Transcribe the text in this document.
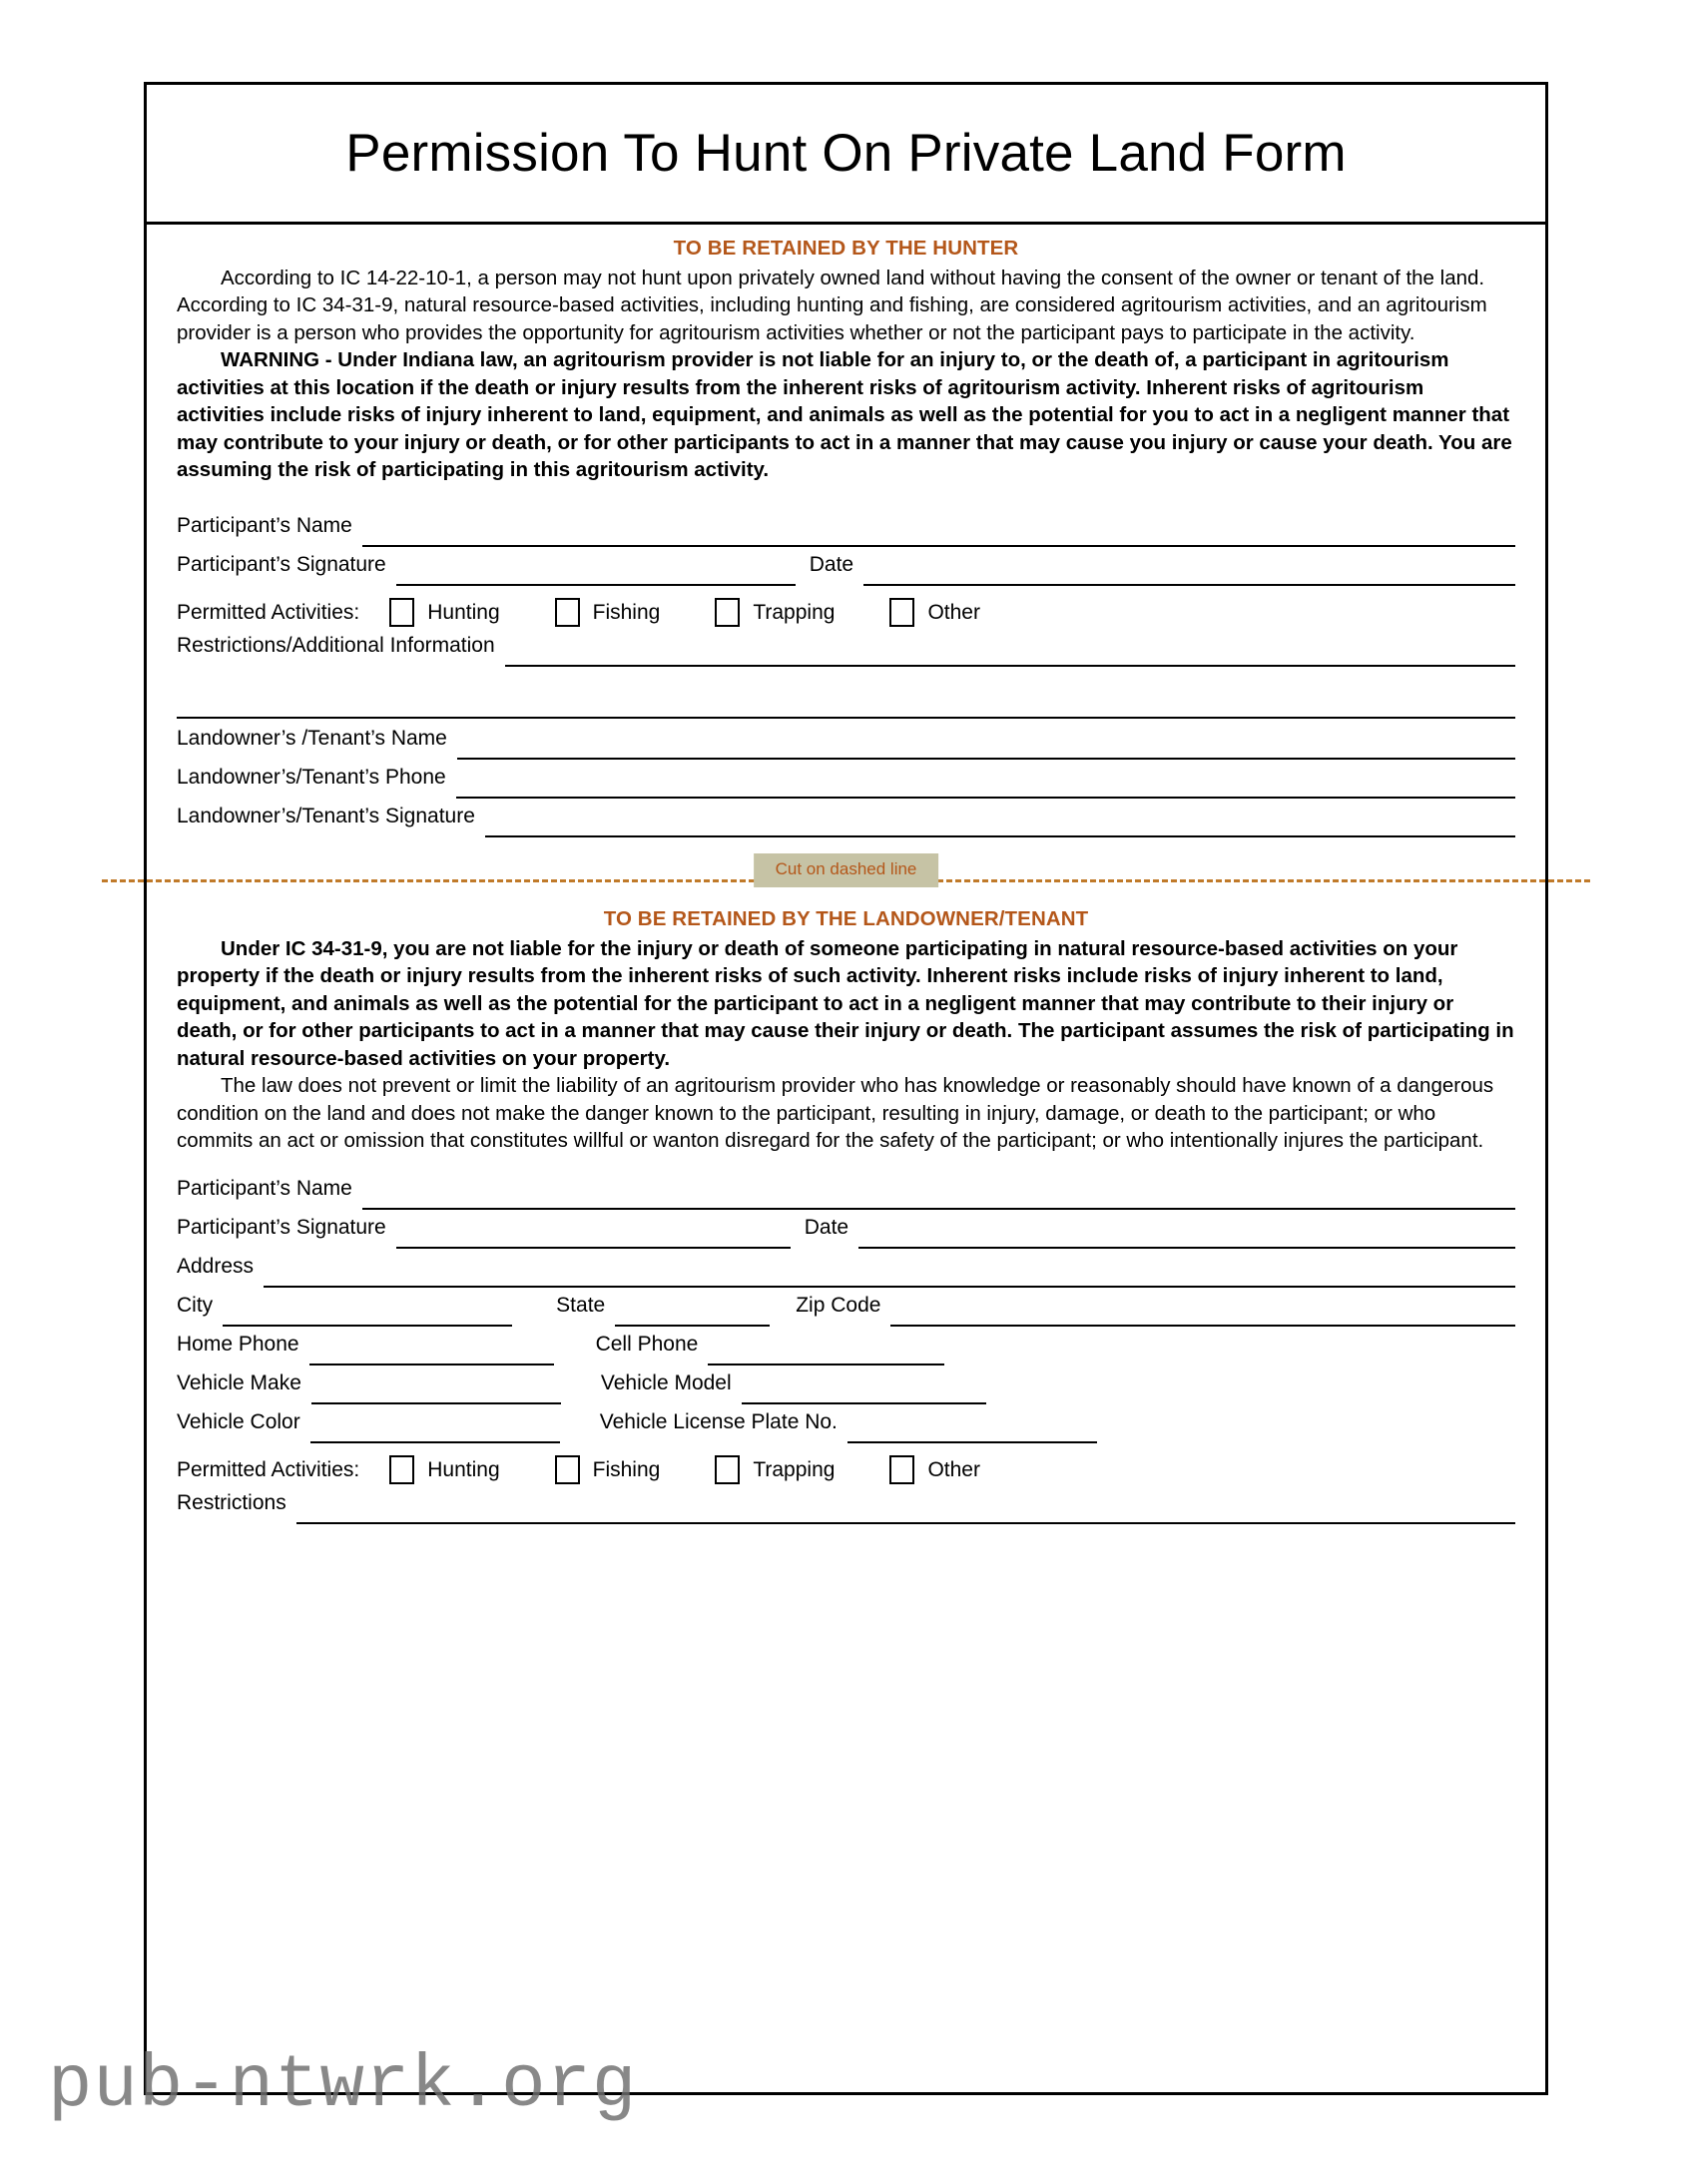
Permission To Hunt On Private Land Form
TO BE RETAINED BY THE HUNTER

According to IC 14-22-10-1, a person may not hunt upon privately owned land without having the consent of the owner or tenant of the land. According to IC 34-31-9, natural resource-based activities, including hunting and fishing, are considered agritourism activities, and an agritourism provider is a person who provides the opportunity for agritourism activities whether or not the participant pays to participate in the activity.

WARNING - Under Indiana law, an agritourism provider is not liable for an injury to, or the death of, a participant in agritourism activities at this location if the death or injury results from the inherent risks of agritourism activity. Inherent risks of agritourism activities include risks of injury inherent to land, equipment, and animals as well as the potential for you to act in a negligent manner that may contribute to your injury or death, or for other participants to act in a manner that may cause you injury or cause your death. You are assuming the risk of participating in this agritourism activity.

Participant’s Name
Participant’s Signature	Date
Permitted Activities:	Hunting	Fishing	Trapping	Other
Restrictions/Additional Information
Landowner’s /Tenant’s Name
Landowner’s/Tenant’s Phone
Landowner’s/Tenant’s Signature
Cut on dashed line
TO BE RETAINED BY THE LANDOWNER/TENANT

Under IC 34-31-9, you are not liable for the injury or death of someone participating in natural resource-based activities on your property if the death or injury results from the inherent risks of such activity. Inherent risks include risks of injury inherent to land, equipment, and animals as well as the potential for the participant to act in a negligent manner that may contribute to their injury or death, or for other participants to act in a manner that may cause their injury or death. The participant assumes the risk of participating in natural resource-based activities on your property.

The law does not prevent or limit the liability of an agritourism provider who has knowledge or reasonably should have known of a dangerous condition on the land and does not make the danger known to the participant, resulting in injury, damage, or death to the participant; or who commits an act or omission that constitutes willful or wanton disregard for the safety of the participant; or who intentionally injures the participant.

Participant’s Name
Participant’s Signature	Date
Address
City	State	Zip Code
Home Phone	Cell Phone
Vehicle Make	Vehicle Model
Vehicle Color	Vehicle License Plate No.
Permitted Activities:	Hunting	Fishing	Trapping	Other
Restrictions
pub-ntwrk.org
